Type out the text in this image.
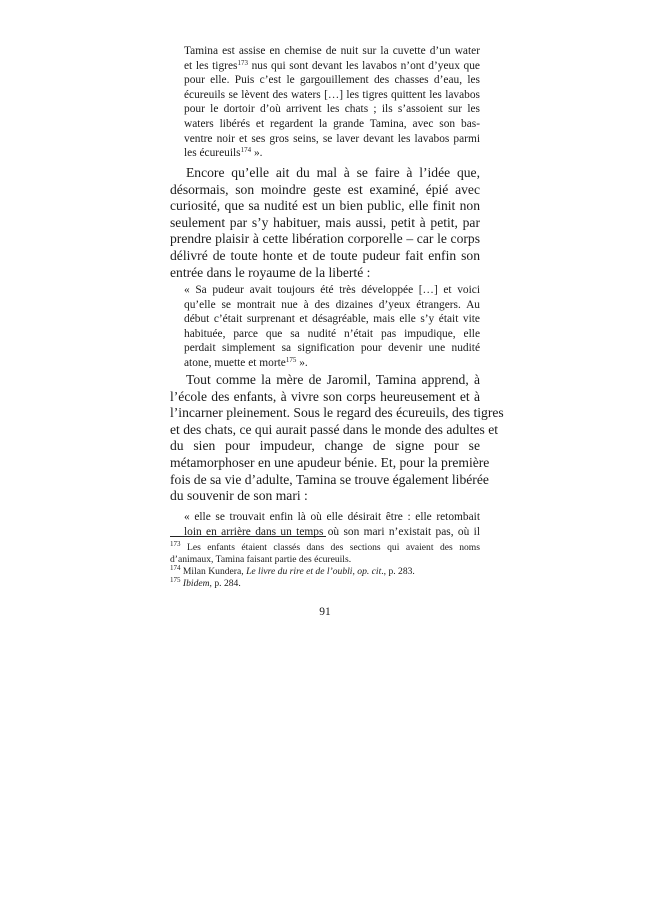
Tamina est assise en chemise de nuit sur la cuvette d’un water
et les tigres$^{173}$ nus qui sont devant les lavabos n’ont d’yeux que
pour elle. Puis c’est le gargouillement des chasses d’eau, les
écureuils se lèvent des waters […] les tigres quittent les lavabos
pour le dortoir d’où arrivent les chats ; ils s’assoient sur les
waters libérés et regardent la grande Tamina, avec son bas-
ventre noir et ses gros seins, se laver devant les lavabos parmi
les écureuils$^{174}$ ».
Encore qu’elle ait du mal à se faire à l’idée que,
désormais, son moindre geste est examiné, épié avec
curiosité, que sa nudité est un bien public, elle finit non
seulement par s’y habituer, mais aussi, petit à petit, par
prendre plaisir à cette libération corporelle – car le corps
délivré de toute honte et de toute pudeur fait enfin son
entrée dans le royaume de la liberté :
« Sa pudeur avait toujours été très développée […] et voici
qu’elle se montrait nue à des dizaines d’yeux étrangers. Au
début c’était surprenant et désagréable, mais elle s’y était vite
habituée, parce que sa nudité n’était pas impudique, elle
perdait simplement sa signification pour devenir une nudité
atone, muette et morte$^{175}$ ».
Tout comme la mère de Jaromil, Tamina apprend, à
l’école des enfants, à vivre son corps heureusement et à
l’incarner pleinement. Sous le regard des écureuils, des tigres
et des chats, ce qui aurait passé dans le monde des adultes et
du sien pour impudeur, change de signe pour se
métamorphoser en une apudeur bénie. Et, pour la première
fois de sa vie d’adulte, Tamina se trouve également libérée
du souvenir de son mari :
« elle se trouvait enfin là où elle désirait être : elle retombait
loin en arrière dans un temps où son mari n’existait pas, où il
$^{173}$ Les enfants étaient classés dans des sections qui avaient des noms
d’animaux, Tamina faisant partie des écureuils.
$^{174}$ Milan Kundera, Le livre du rire et de l’oubli, op. cit., p. 283.
$^{175}$ Ibidem, p. 284.
91
